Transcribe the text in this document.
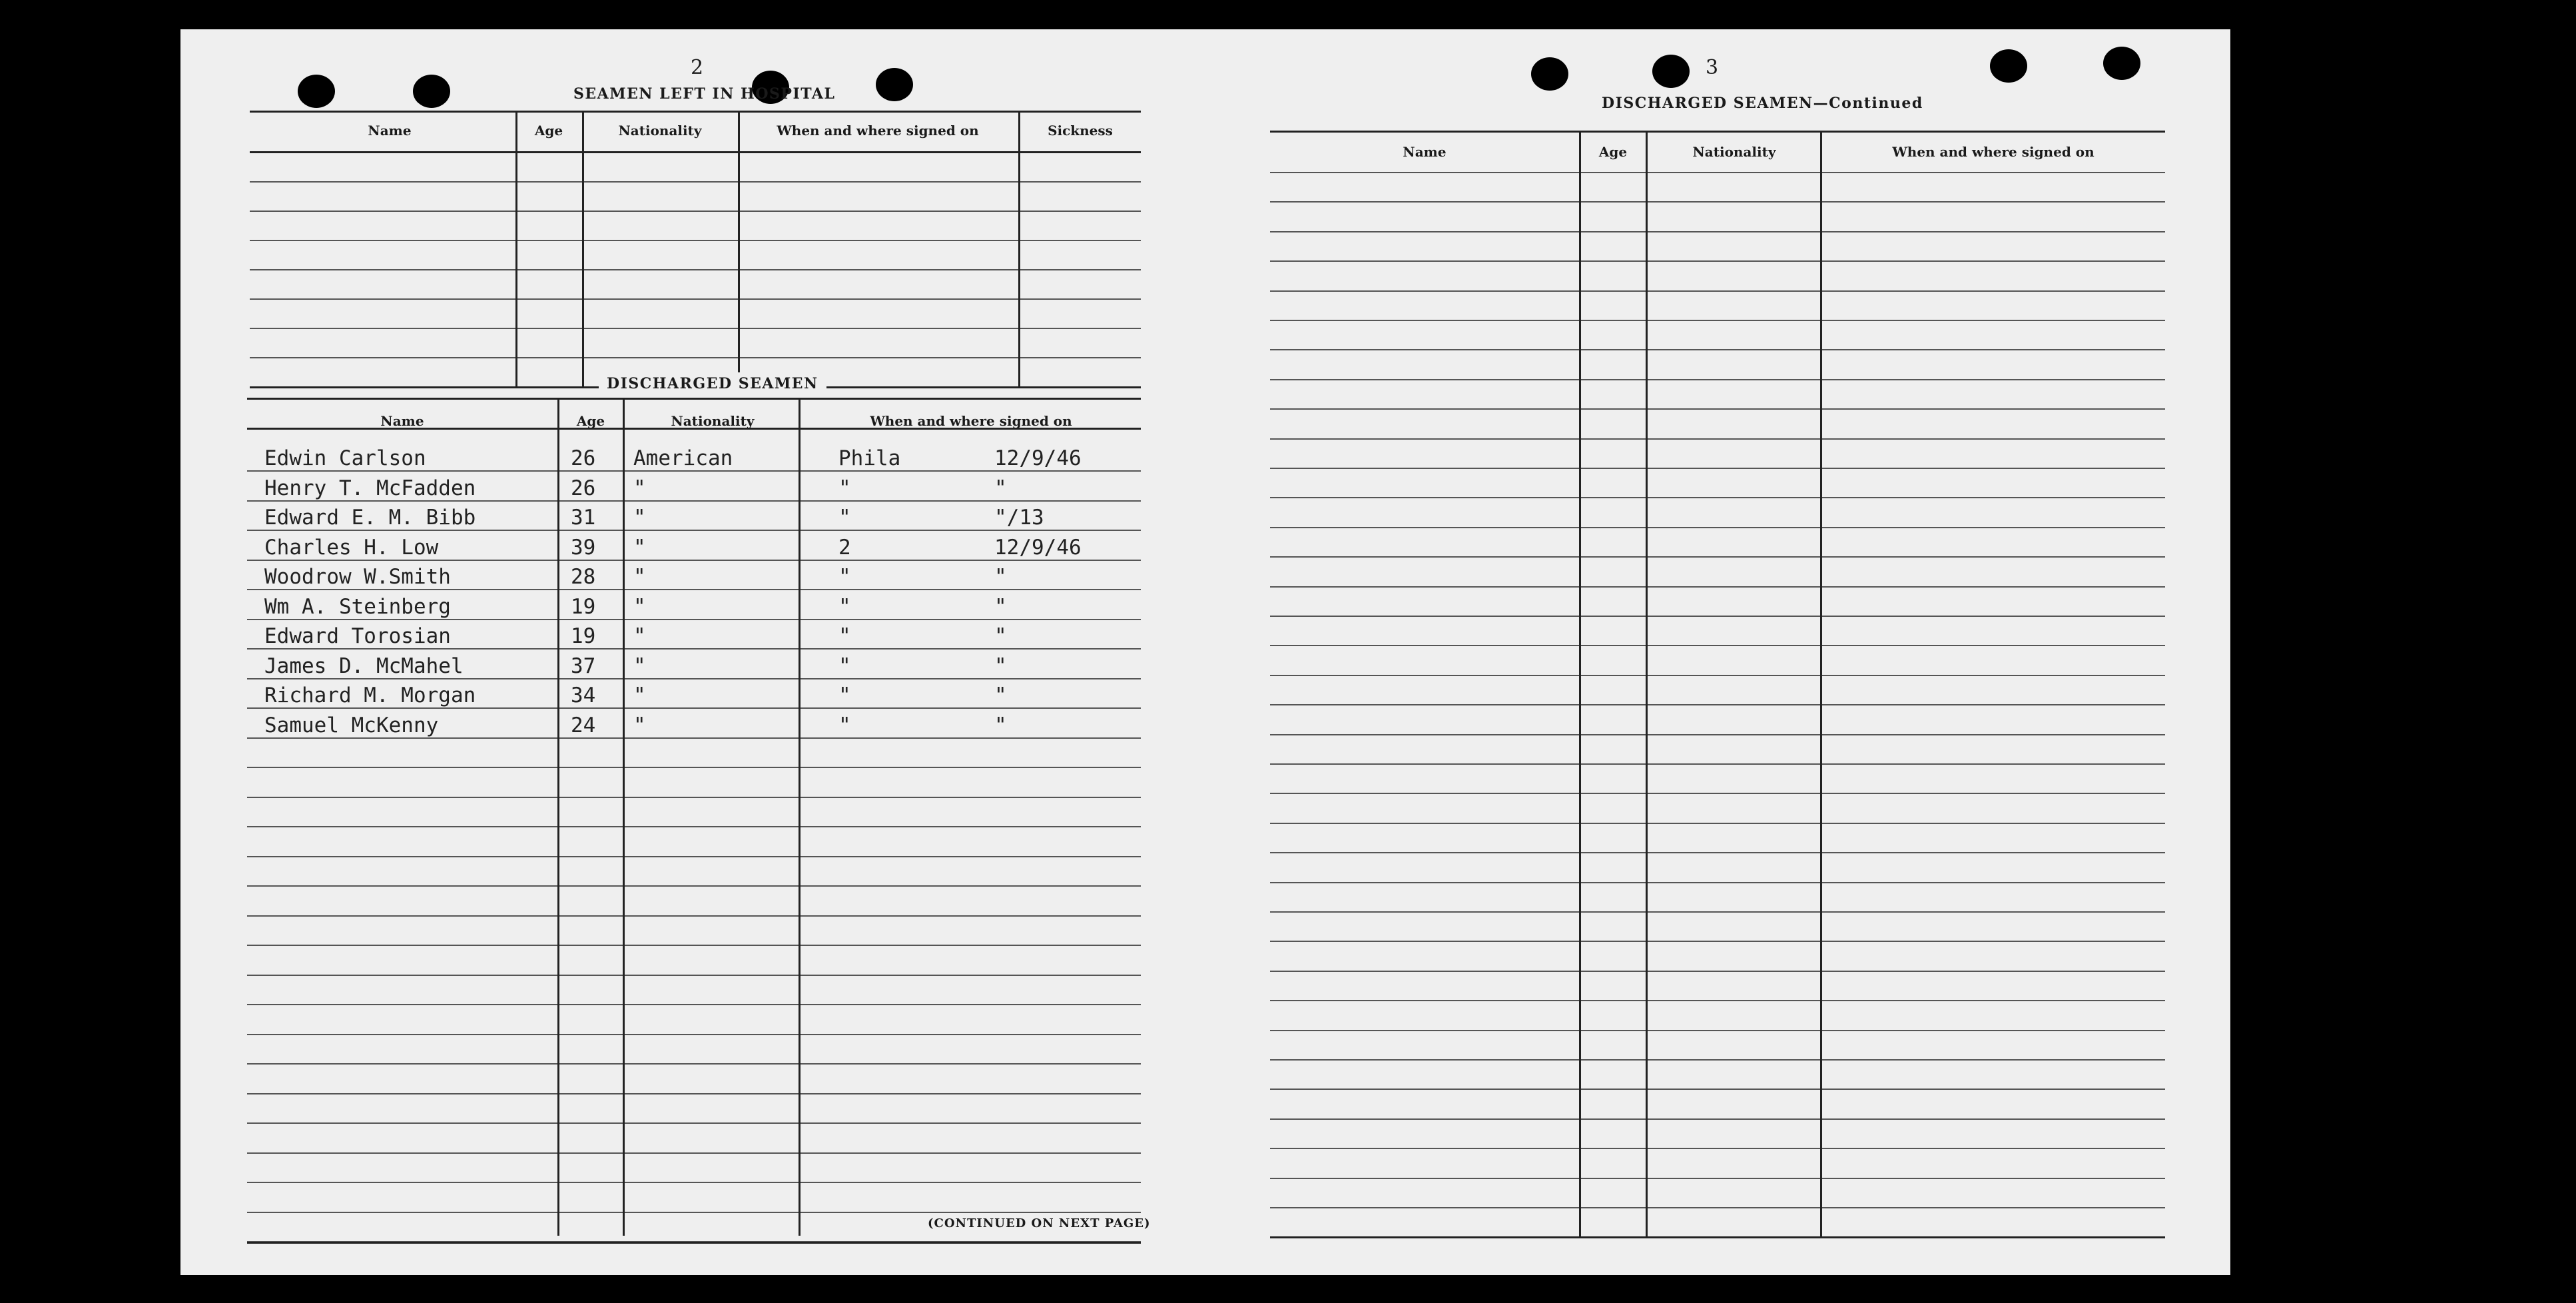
2
SEAMEN LEFT IN HOSPITAL
Name	Age	Nationality	When and where signed on	Sickness
DISCHARGED SEAMEN
Name	Age	Nationality	When and where signed on
Edwin Carlson	26 American	Phila	12/9/46
Henry T. McFadden	26 "	"	"
Edward E. M. Bibb	31 "	"	"/13
Charles H. Low	39 "	2	12/9/46
Woodrow W.Smith	28 "	"	"
Wm A. Steinberg	19 "	"	"
Edward Torosian	19 "	"	"
James D. McMahel	37 "	"	"
Richard M. Morgan	34 "	"	"
Samuel McKenny	24 "	"	"
(CONTINUED ON NEXT PAGE)
3
DISCHARGED SEAMEN—Continued
Name	Age	Nationality	When and where signed on
